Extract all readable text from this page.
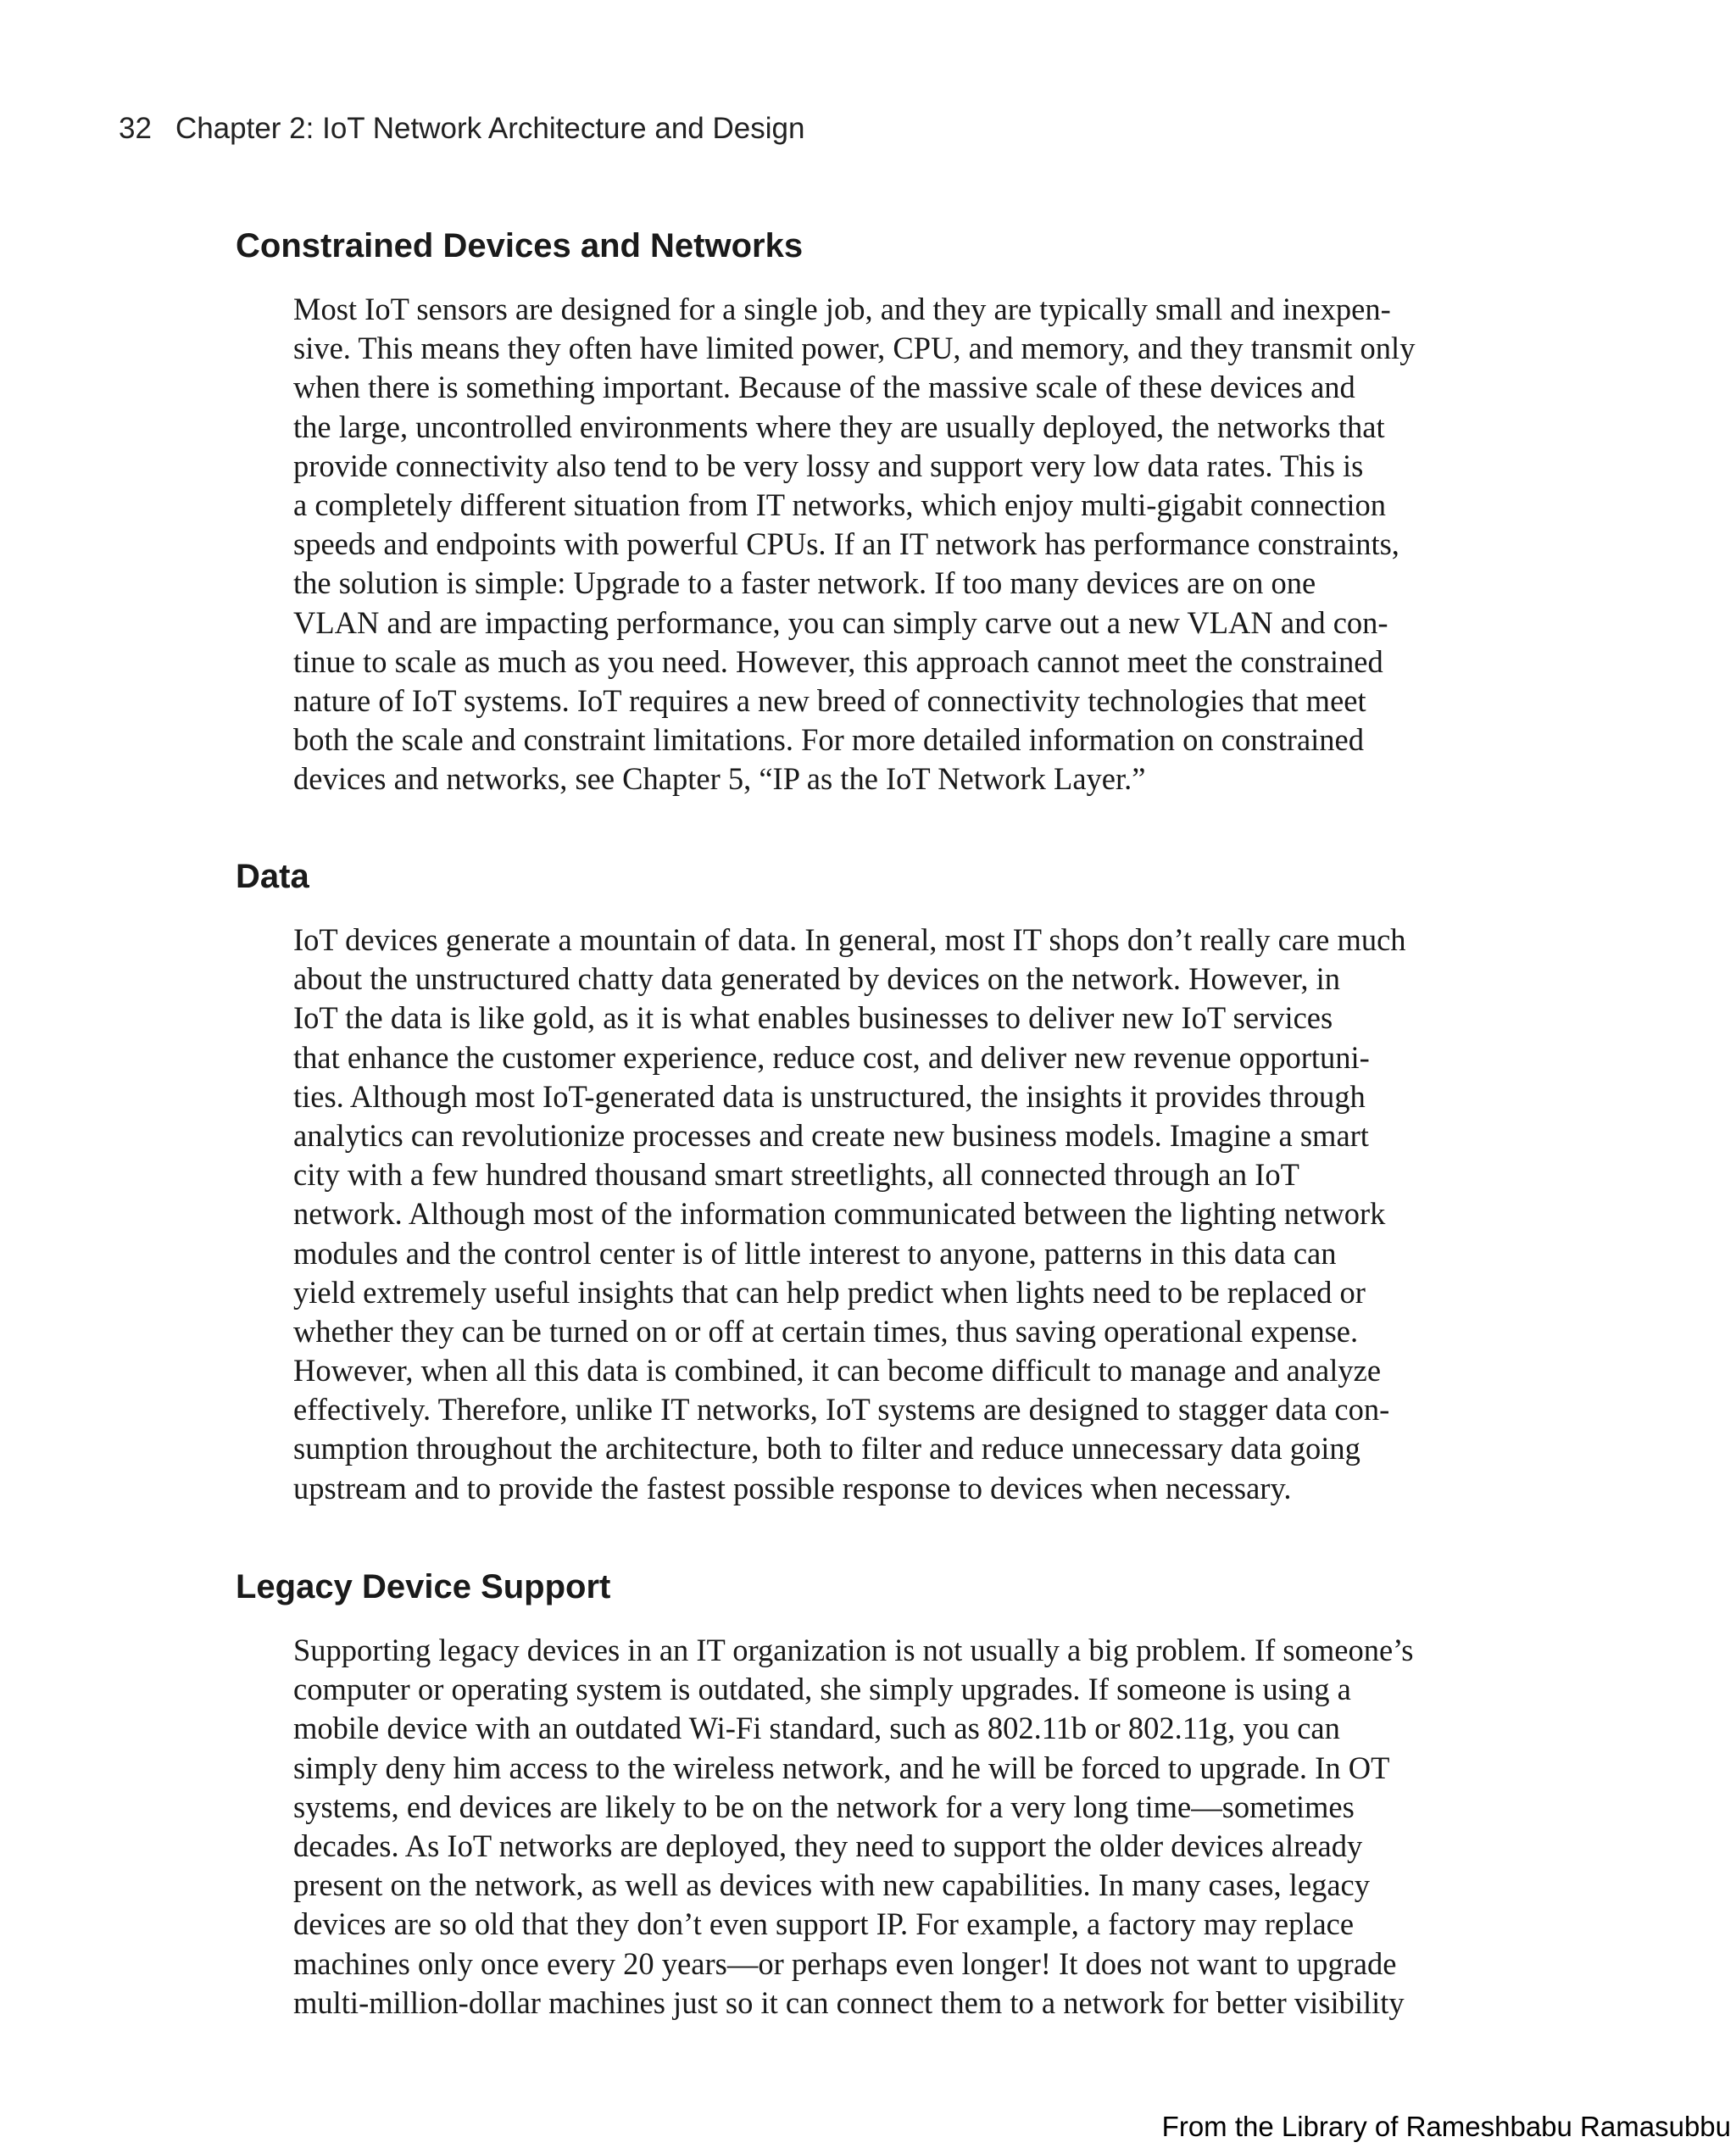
32 Chapter 2: IoT Network Architecture and Design
Constrained Devices and Networks
Most IoT sensors are designed for a single job, and they are typically small and inexpen-
sive. This means they often have limited power, CPU, and memory, and they transmit only
when there is something important. Because of the massive scale of these devices and
the large, uncontrolled environments where they are usually deployed, the networks that
provide connectivity also tend to be very lossy and support very low data rates. This is
a completely different situation from IT networks, which enjoy multi-gigabit connection
speeds and endpoints with powerful CPUs. If an IT network has performance constraints,
the solution is simple: Upgrade to a faster network. If too many devices are on one
VLAN and are impacting performance, you can simply carve out a new VLAN and con-
tinue to scale as much as you need. However, this approach cannot meet the constrained
nature of IoT systems. IoT requires a new breed of connectivity technologies that meet
both the scale and constraint limitations. For more detailed information on constrained
devices and networks, see Chapter 5, “IP as the IoT Network Layer.”
Data
IoT devices generate a mountain of data. In general, most IT shops don’t really care much
about the unstructured chatty data generated by devices on the network. However, in
IoT the data is like gold, as it is what enables businesses to deliver new IoT services
that enhance the customer experience, reduce cost, and deliver new revenue opportuni-
ties. Although most IoT-generated data is unstructured, the insights it provides through
analytics can revolutionize processes and create new business models. Imagine a smart
city with a few hundred thousand smart streetlights, all connected through an IoT
network. Although most of the information communicated between the lighting network
modules and the control center is of little interest to anyone, patterns in this data can
yield extremely useful insights that can help predict when lights need to be replaced or
whether they can be turned on or off at certain times, thus saving operational expense.
However, when all this data is combined, it can become difficult to manage and analyze
effectively. Therefore, unlike IT networks, IoT systems are designed to stagger data con-
sumption throughout the architecture, both to filter and reduce unnecessary data going
upstream and to provide the fastest possible response to devices when necessary.
Legacy Device Support
Supporting legacy devices in an IT organization is not usually a big problem. If someone’s
computer or operating system is outdated, she simply upgrades. If someone is using a
mobile device with an outdated Wi-Fi standard, such as 802.11b or 802.11g, you can
simply deny him access to the wireless network, and he will be forced to upgrade. In OT
systems, end devices are likely to be on the network for a very long time—sometimes
decades. As IoT networks are deployed, they need to support the older devices already
present on the network, as well as devices with new capabilities. In many cases, legacy
devices are so old that they don’t even support IP. For example, a factory may replace
machines only once every 20 years—or perhaps even longer! It does not want to upgrade
multi-million-dollar machines just so it can connect them to a network for better visibility
From the Library of Rameshbabu Ramasubbu
